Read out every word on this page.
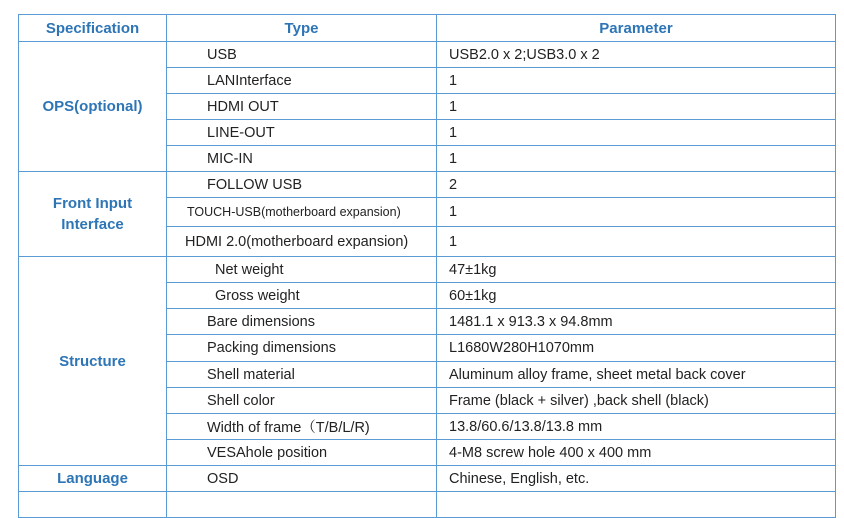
Specification	Type	Parameter
OPS(optional)	USB	USB2.0 x 2;USB3.0 x 2
	LANInterface	1
	HDMI OUT	1
	LINE-OUT	1
	MIC-IN	1

Front Input
Interface	FOLLOW USB	2
	TOUCH-USB(motherboard expansion)	1
	HDMI 2.0(motherboard expansion)	1
Structure	Net weight	47±1kg
	Gross weight	60±1kg
	Bare dimensions	1481.1 x 913.3 x 94.8mm
	Packing dimensions	L1680W280H1070mm
	Shell material	Aluminum alloy frame, sheet metal back cover
	Shell color	Frame (black + silver) ,back shell (black)
	Width of frame（T/B/L/R)	13.8/60.6/13.8/13.8 mm
	VESAhole position	4-M8 screw hole 400 x 400 mm
Language	OSD	Chinese, English, etc.
